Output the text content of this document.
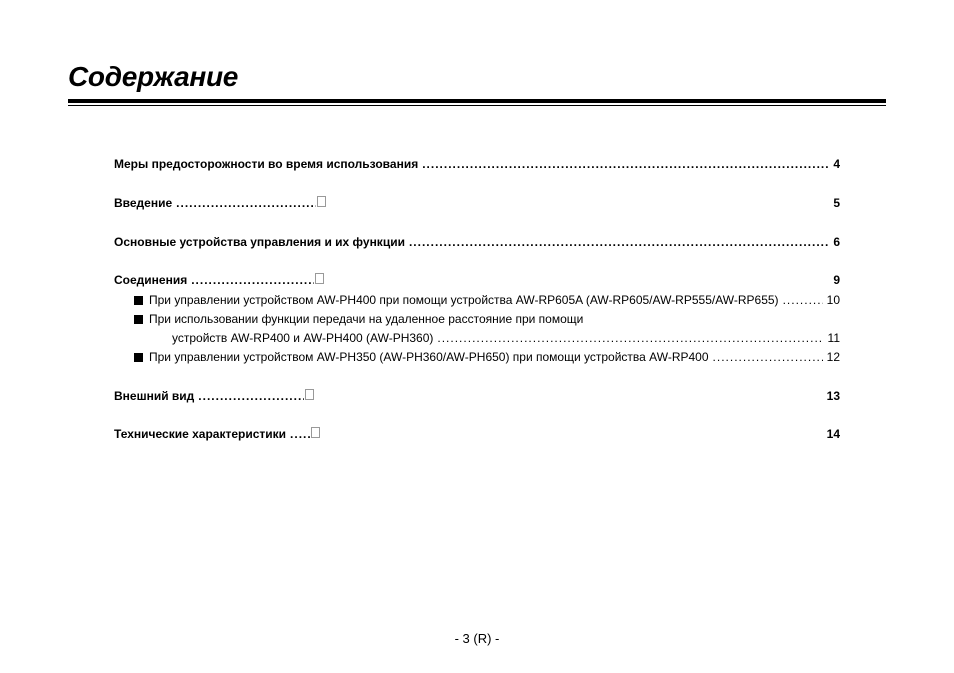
Содержание
Меры предосторожности во время использования .....	4
Введение .....	5
Основные устройства управления и их функции .....	6
Соединения .....	9
При управлении устройством AW-PH400 при помощи устройства AW-RP605A (AW-RP605/AW-RP555/AW-RP655) .....	10
При использовании функции передачи на удаленное расстояние при помощи
устройств AW-RP400 и AW-PH400 (AW-PH360) .....	11
При управлении устройством AW-PH350 (AW-PH360/AW-PH650) при помощи устройства AW-RP400 .....	12
Внешний вид .....	13
Технические характеристики .....	14
- 3 (R) -
